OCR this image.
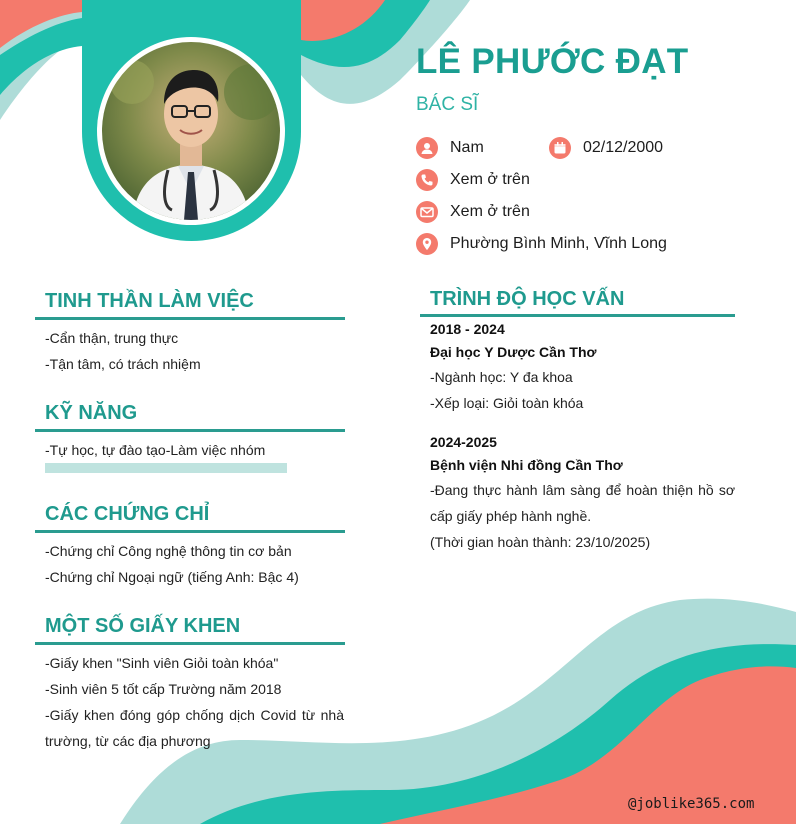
LÊ PHƯỚC ĐẠT
BÁC SĨ
Nam	02/12/2000
Xem ở trên
Xem ở trên
Phường Bình Minh, Vĩnh Long
TINH THẦN LÀM VIỆC
-Cẩn thận, trung thực
-Tận tâm, có trách nhiệm
KỸ NĂNG
-Tự học, tự đào tạo-Làm việc nhóm
CÁC CHỨNG CHỈ
-Chứng chỉ Công nghệ thông tin cơ bản
-Chứng chỉ Ngoại ngữ (tiếng Anh: Bậc 4)
MỘT SỐ GIẤY KHEN
-Giấy khen "Sinh viên Giỏi toàn khóa"
-Sinh viên 5 tốt cấp Trường năm 2018
-Giấy khen đóng góp chống dịch Covid từ nhà
trường, từ các địa phương
TRÌNH ĐỘ HỌC VẤN
2018 - 2024
Đại học Y Dược Cần Thơ
-Ngành học: Y đa khoa
-Xếp loại: Giỏi toàn khóa
2024-2025
Bệnh viện Nhi đồng Cần Thơ
-Đang thực hành lâm sàng để hoàn thiện hồ sơ
cấp giấy phép hành nghề.
(Thời gian hoàn thành: 23/10/2025)
@joblike365.com
